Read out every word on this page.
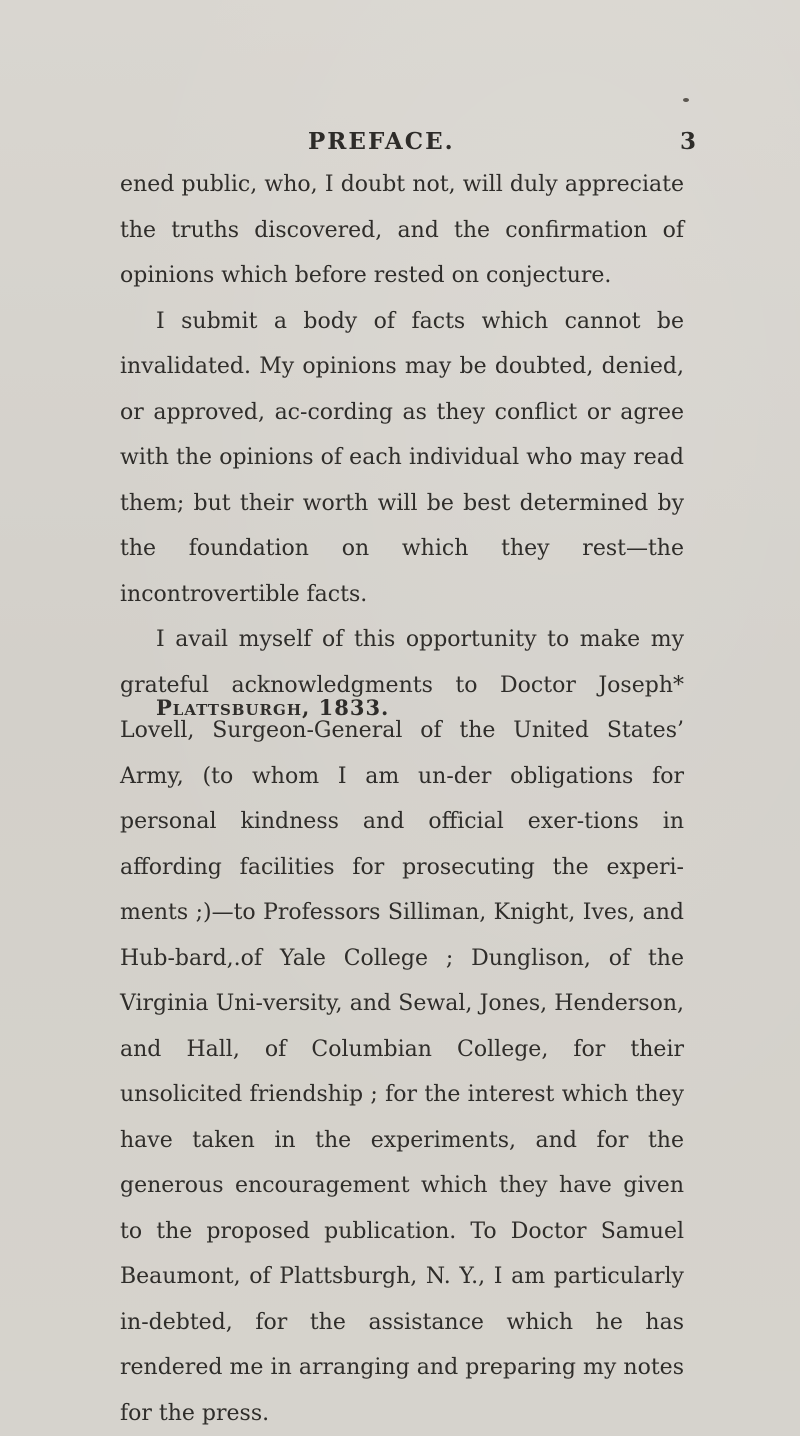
PREFACE.	3

ened public, who, I doubt not, will duly appreciate the truths discovered, and the confirmation of opinions which before rested on conjecture.

I submit a body of facts which cannot be invalidated. My opinions may be doubted, denied, or approved, ac-cording as they conflict or agree with the opinions of each individual who may read them; but their worth will be best determined by the foundation on which they rest—the incontrovertible facts.

I avail myself of this opportunity to make my grateful acknowledgments to Doctor Joseph* Lovell, Surgeon-General of the United States’ Army, (to whom I am un-der obligations for personal kindness and official exer-tions in affording facilities for prosecuting the experi-ments ;)—to Professors Silliman, Knight, Ives, and Hub-bard,.of Yale College ; Dunglison, of the Virginia Uni-versity, and Sewal, Jones, Henderson, and Hall, of Columbian College, for their unsolicited friendship ; for the interest which they have taken in the experiments, and for the generous encouragement which they have given to the proposed publication. To Doctor Samuel Beaumont, of Plattsburgh, N. Y., I am particularly in-debted, for the assistance which he has rendered me in arranging and preparing my notes for the press.

Plattsburgh, 1833.
